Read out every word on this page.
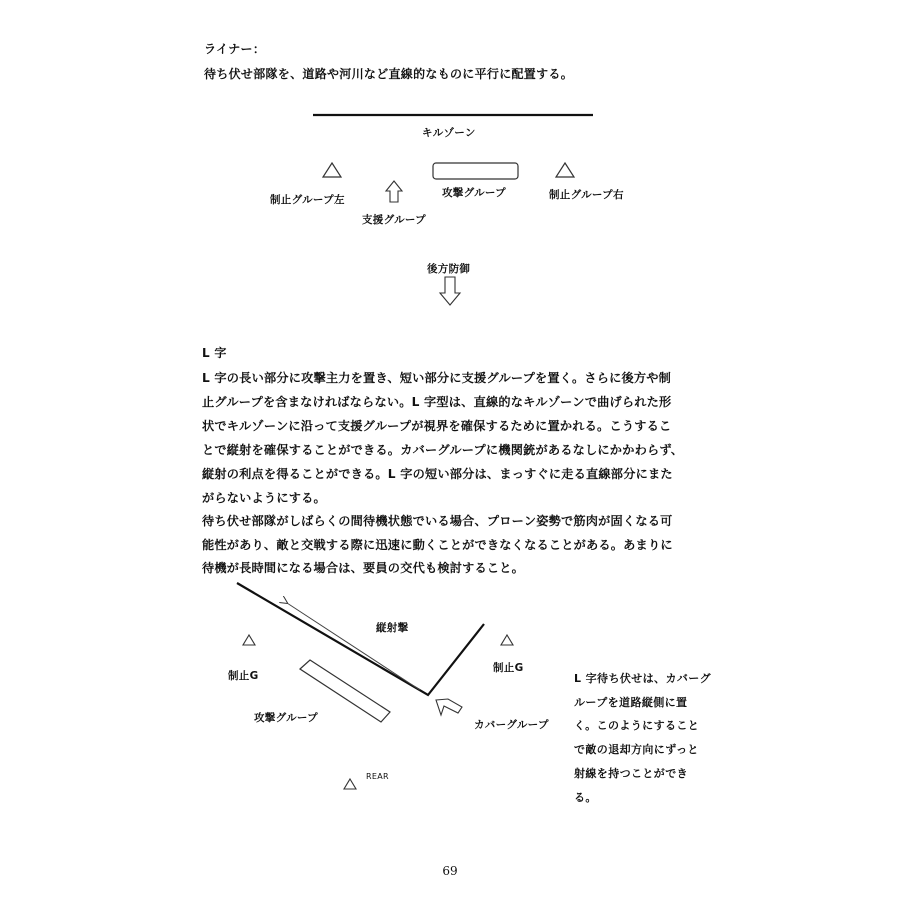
ライナー：
待ち伏せ部隊を、道路や河川など直線的なものに平行に配置する。
キルゾーン
攻撃グループ
制止グループ左	制止グループ右
支援グループ
後方防御
L 字
L 字の長い部分に攻撃主力を置き、短い部分に支援グループを置く。さらに後方や制
止グループを含まなければならない。L 字型は、直線的なキルゾーンで曲げられた形
状でキルゾーンに沿って支援グループが視界を確保するために置かれる。こうするこ
とで縦射を確保することができる。カバーグループに機関銃があるなしにかかわらず、
縦射の利点を得ることができる。L 字の短い部分は、まっすぐに走る直線部分にまた
がらないようにする。
待ち伏せ部隊がしばらくの間待機状態でいる場合、プローン姿勢で筋肉が固くなる可
能性があり、敵と交戦する際に迅速に動くことができなくなることがある。あまりに
待機が長時間になる場合は、要員の交代も検討すること。
縦射撃
制止G
制止G
攻撃グループ
カバーグループ
REAR
L 字待ち伏せは、カバーグ
ループを道路縦側に置
く。このようにすること
で敵の退却方向にずっと
射線を持つことができ
る。
69
